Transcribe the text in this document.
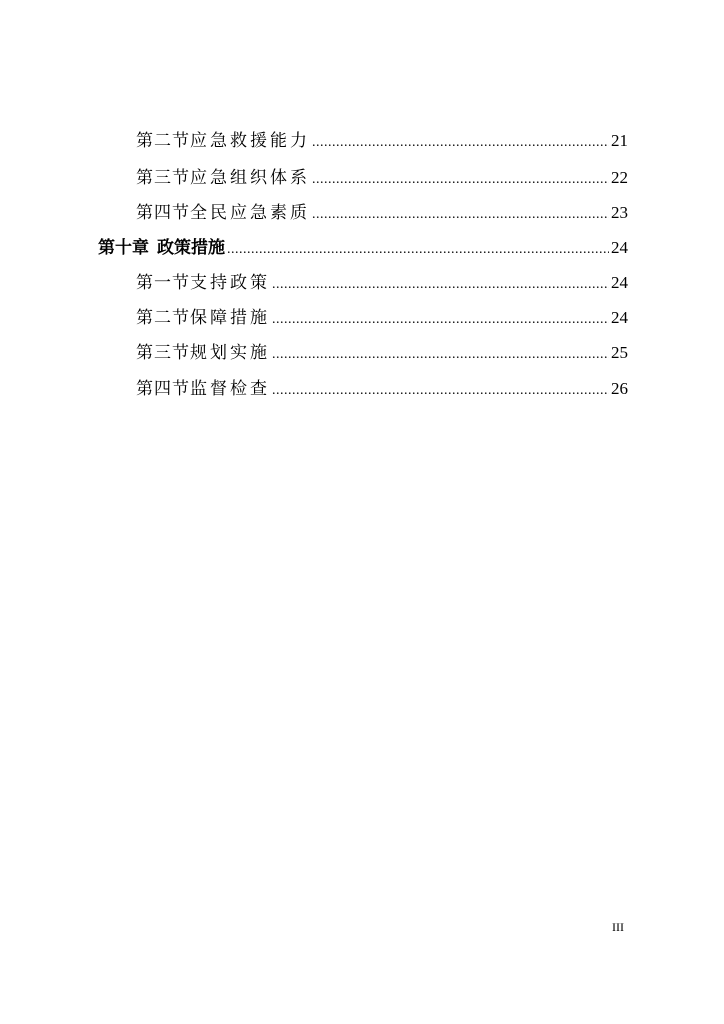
第二节 应急救援能力 .....	21
第三节 应急组织体系 .....	22
第四节 全民应急素质 .....	23
第十章 政策措施 .....	24
第一节 支持政策 .....	24
第二节 保障措施 .....	24
第三节 规划实施 .....	25
第四节 监督检查 .....	26
III
